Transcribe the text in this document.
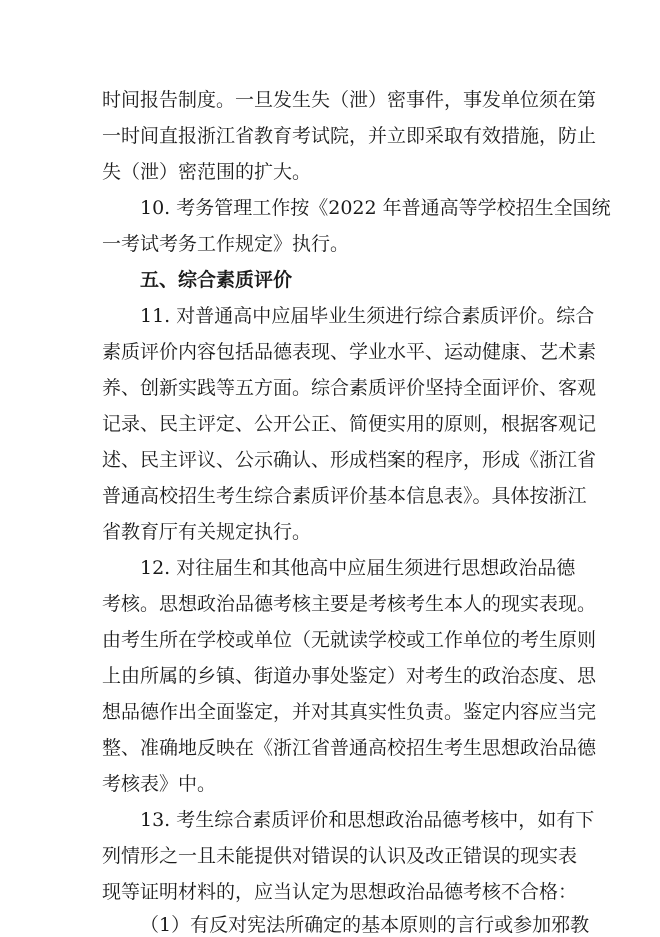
时间报告制度。一旦发生失（泄）密事件，事发单位须在第
一时间直报浙江省教育考试院，并立即采取有效措施，防止
失（泄）密范围的扩大。
10. 考务管理工作按《2022 年普通高等学校招生全国统
一考试考务工作规定》执行。
五、综合素质评价
11. 对普通高中应届毕业生须进行综合素质评价。综合
素质评价内容包括品德表现、学业水平、运动健康、艺术素
养、创新实践等五方面。综合素质评价坚持全面评价、客观
记录、民主评定、公开公正、简便实用的原则，根据客观记
述、民主评议、公示确认、形成档案的程序，形成《浙江省
普通高校招生考生综合素质评价基本信息表》。具体按浙江
省教育厅有关规定执行。
12. 对往届生和其他高中应届生须进行思想政治品德
考核。思想政治品德考核主要是考核考生本人的现实表现。
由考生所在学校或单位（无就读学校或工作单位的考生原则
上由所属的乡镇、街道办事处鉴定）对考生的政治态度、思
想品德作出全面鉴定，并对其真实性负责。鉴定内容应当完
整、准确地反映在《浙江省普通高校招生考生思想政治品德
考核表》中。
13. 考生综合素质评价和思想政治品德考核中，如有下
列情形之一且未能提供对错误的认识及改正错误的现实表
现等证明材料的，应当认定为思想政治品德考核不合格：
（1）有反对宪法所确定的基本原则的言行或参加邪教
